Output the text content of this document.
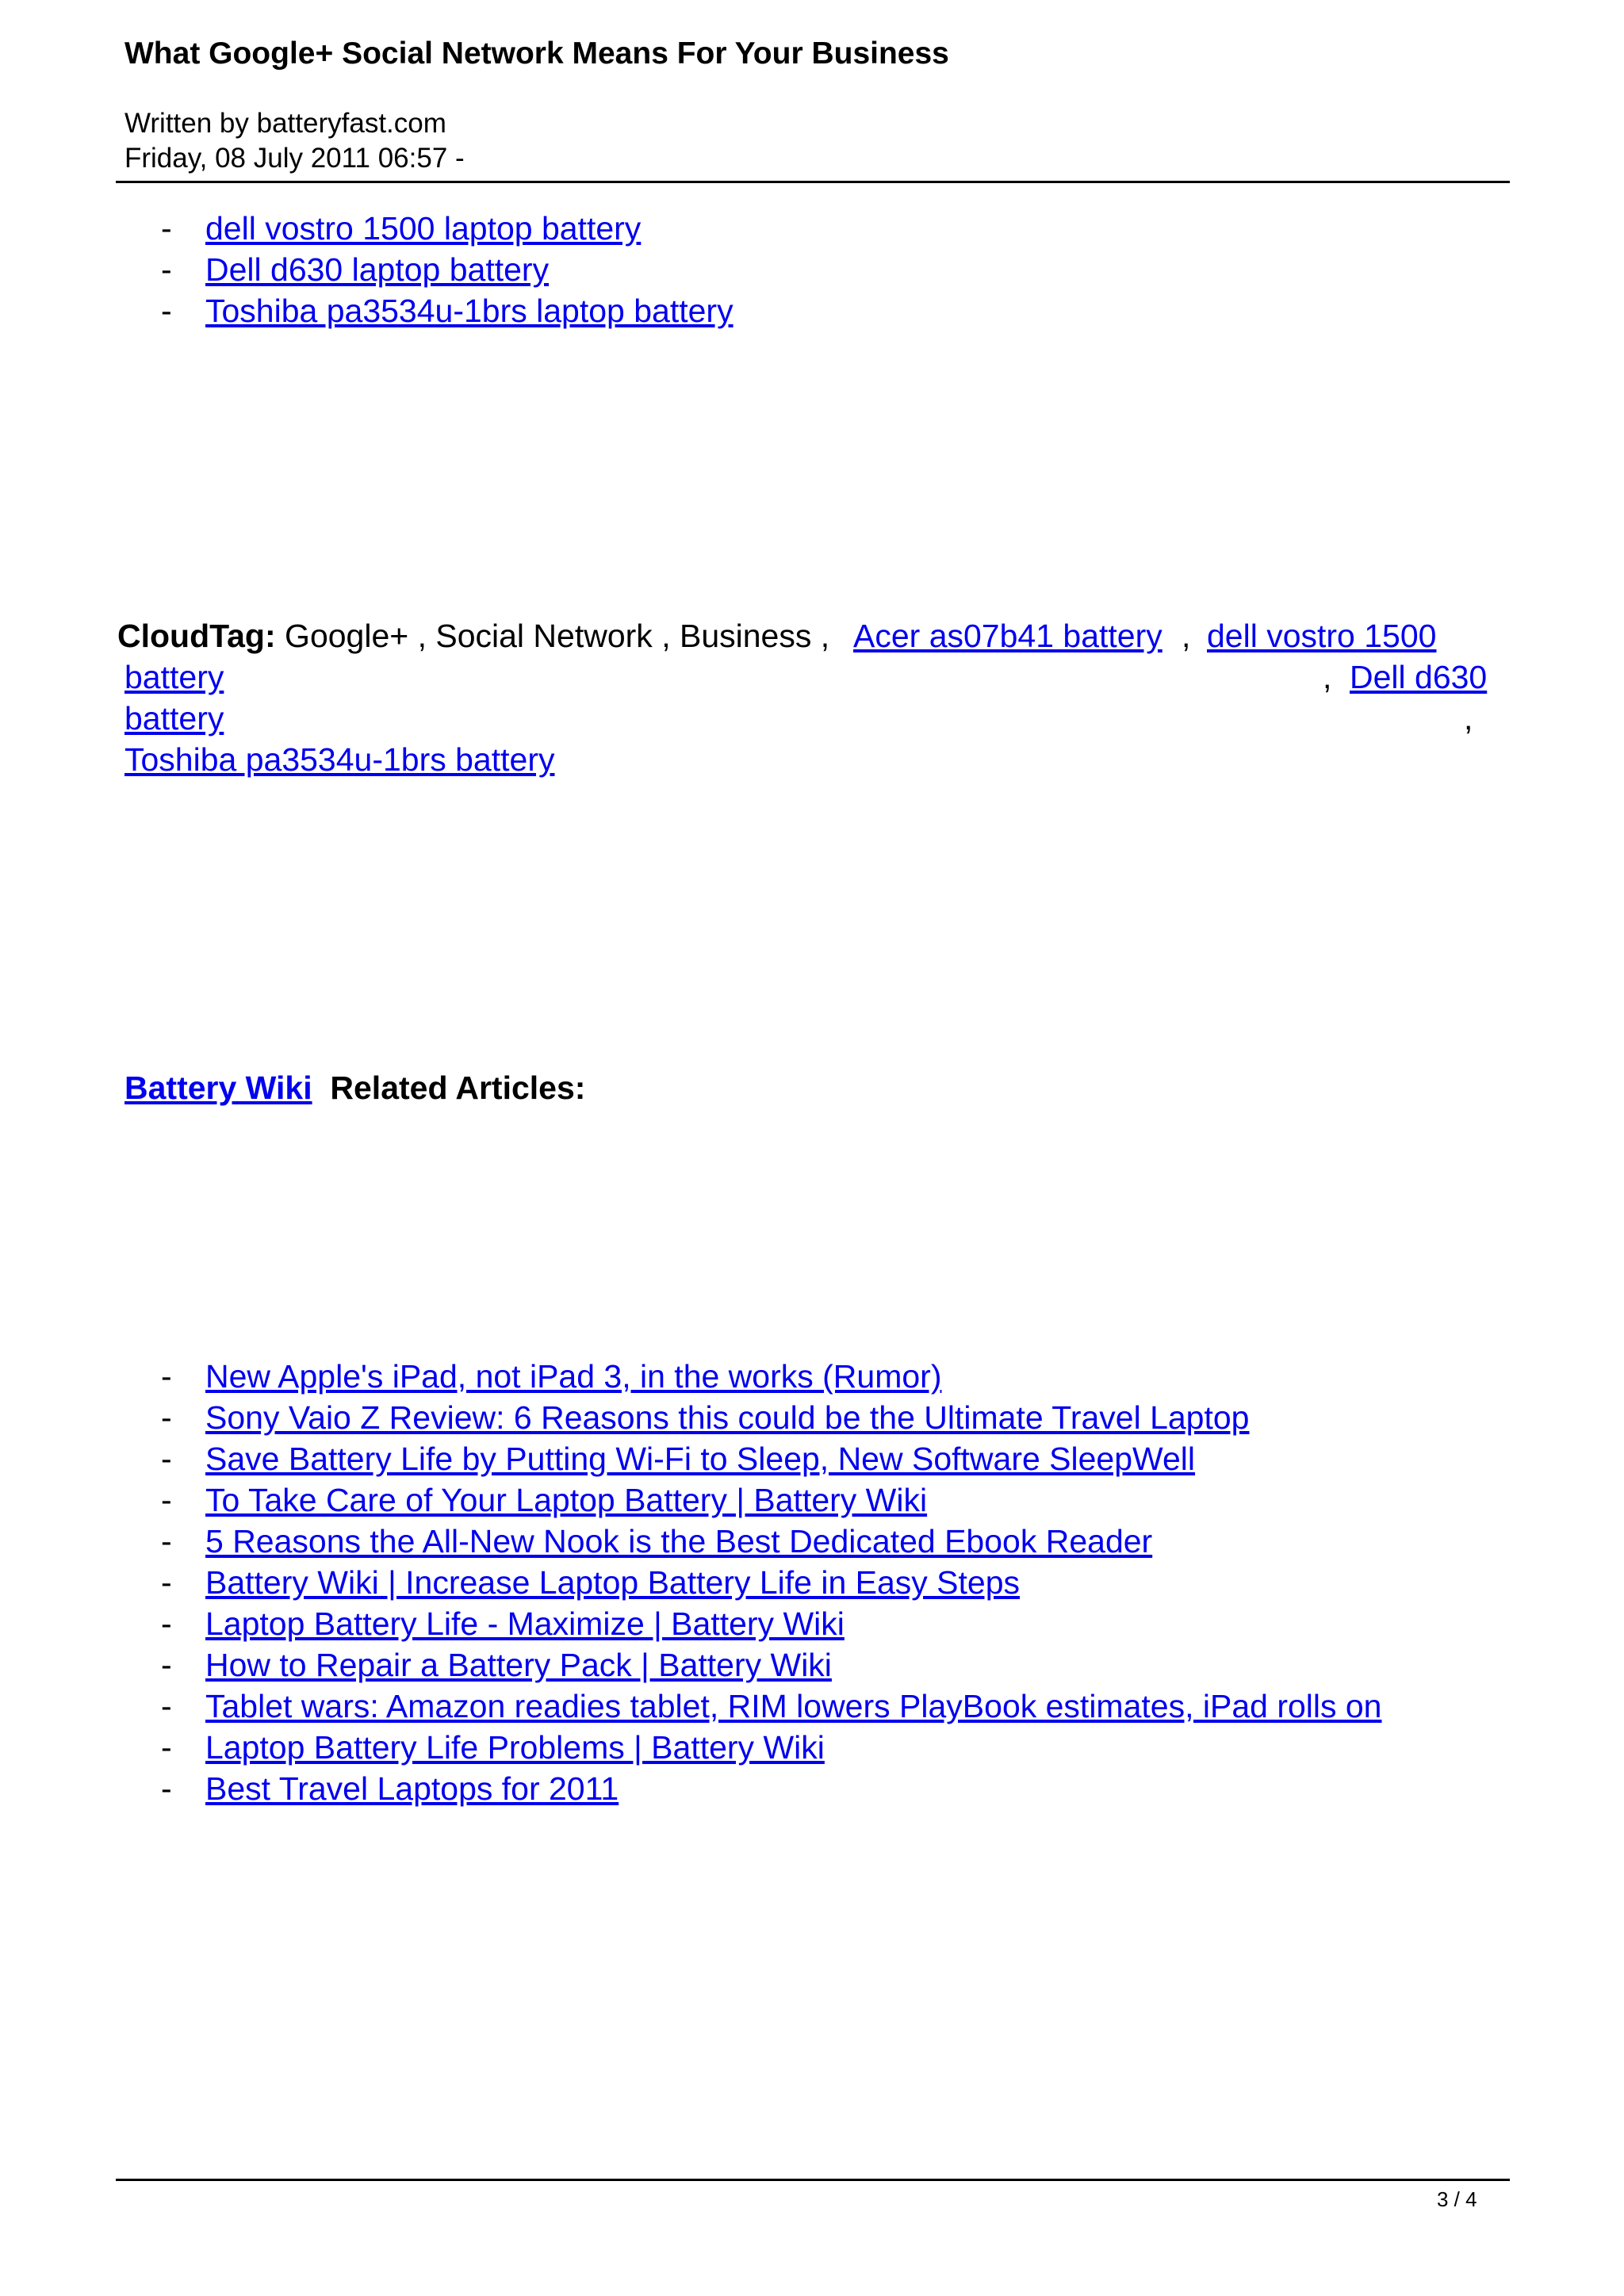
What Google+ Social Network Means For Your Business
Written by batteryfast.com
Friday, 08 July 2011 06:57 -
- dell vostro 1500 laptop battery
- Dell d630 laptop battery
- Toshiba pa3534u-1brs laptop battery
CloudTag: Google+ , Social Network , Business , Acer as07b41 battery , dell vostro 1500
battery	, Dell d630
battery	,
Toshiba pa3534u-1brs battery
Battery Wiki Related Articles:
- New Apple's iPad, not iPad 3, in the works (Rumor)
- Sony Vaio Z Review: 6 Reasons this could be the Ultimate Travel Laptop
- Save Battery Life by Putting Wi-Fi to Sleep, New Software SleepWell
- To Take Care of Your Laptop Battery | Battery Wiki
- 5 Reasons the All-New Nook is the Best Dedicated Ebook Reader
- Battery Wiki | Increase Laptop Battery Life in Easy Steps
- Laptop Battery Life - Maximize | Battery Wiki
- How to Repair a Battery Pack | Battery Wiki
- Tablet wars: Amazon readies tablet, RIM lowers PlayBook estimates, iPad rolls on
- Laptop Battery Life Problems | Battery Wiki
- Best Travel Laptops for 2011
3 / 4
